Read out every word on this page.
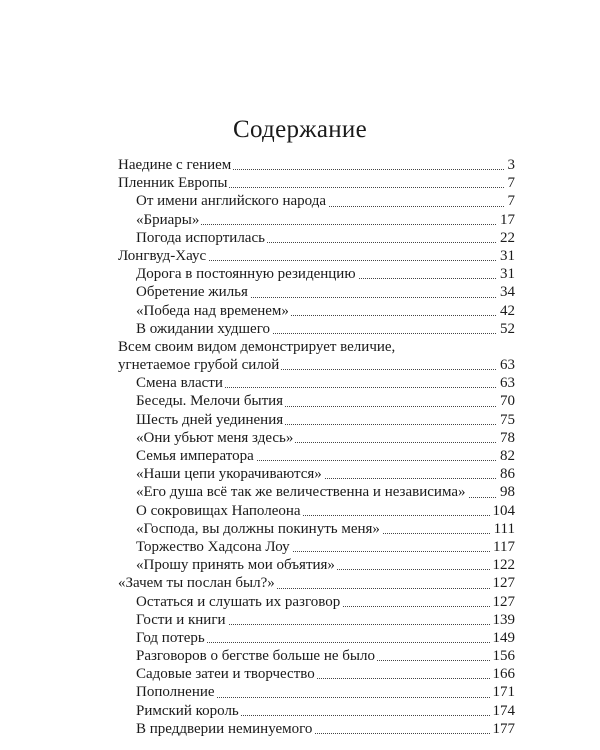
Содержание
Наедине с гением	3
Пленник Европы	7
От имени английского народа	7
«Бриары»	17
Погода испортилась	22
Лонгвуд-Хаус	31
Дорога в постоянную резиденцию	31
Обретение жилья	34
«Победа над временем»	42
В ожидании худшего	52
Всем своим видом демонстрирует величие,
угнетаемое грубой силой	63
Смена власти	63
Беседы. Мелочи бытия	70
Шесть дней уединения	75
«Они убьют меня здесь»	78
Семья императора	82
«Наши цепи укорачиваются»	86
«Его душа всё так же величественна и независима» 98
О сокровищах Наполеона	104
«Господа, вы должны покинуть меня»	111
Торжество Хадсона Лоу	117
«Прошу принять мои объятия»	122
«Зачем ты послан был?»	127
Остаться и слушать их разговор	127
Гости и книги	139
Год потерь	149
Разговоров о бегстве больше не было	156
Садовые затеи и творчество	166
Пополнение	171
Римский король	174
В преддверии неминуемого	177
